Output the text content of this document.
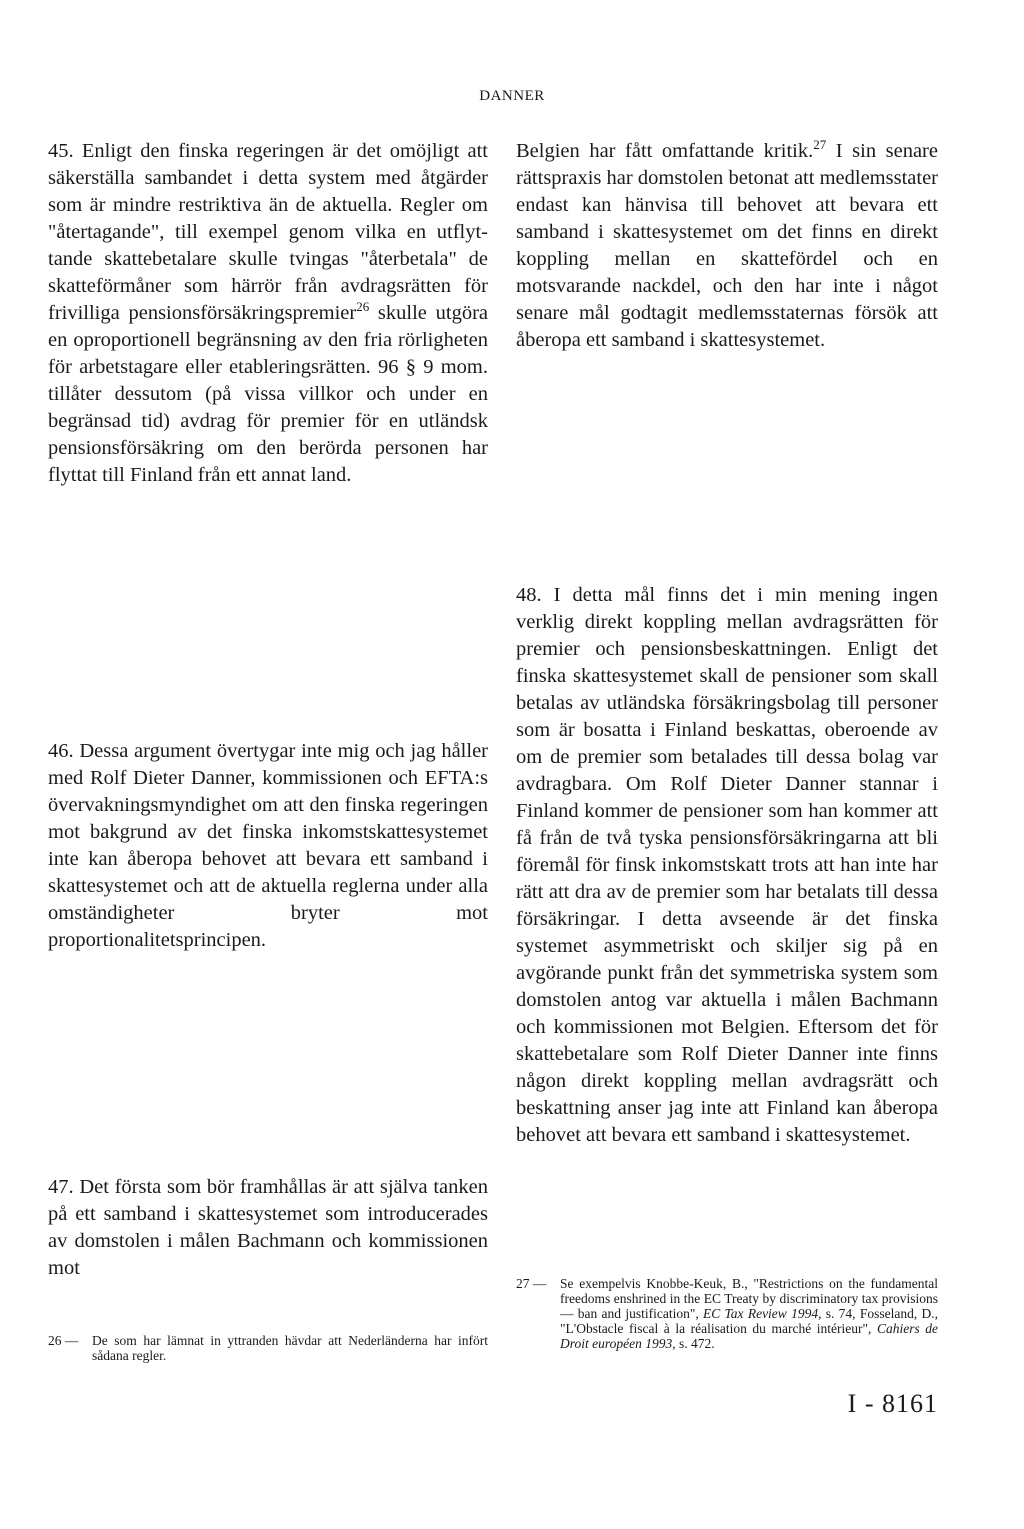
DANNER

45. Enligt den finska regeringen är det omöjligt att säkerställa sambandet i detta system med åtgärder som är mindre restriktiva än de aktuella. Regler om "återtagande", till exempel genom vilka en utflyttande skattebetalare skulle tvingas "återbetala" de skatteförmåner som härrör från avdragsrätten för frivilliga pensionsförsäkringspremier$^{26}$ skulle utgöra en oproportionell begränsning av den fria rörligheten för arbetstagare eller etableringsrätten. 96 § 9 mom. tillåter dessutom (på vissa villkor och under en begränsad tid) avdrag för premier för en utländsk pensionsförsäkring om den berörda personen har flyttat till Finland från ett annat land.

46. Dessa argument övertygar inte mig och jag håller med Rolf Dieter Danner, kommissionen och EFTA:s övervakningsmyndighet om att den finska regeringen mot bakgrund av det finska inkomstskattesystemet inte kan åberopa behovet att bevara ett samband i skattesystemet och att de aktuella reglerna under alla omständigheter bryter mot proportionalitetsprincipen.

47. Det första som bör framhållas är att själva tanken på ett samband i skattesystemet som introducerades av domstolen i målen Bachmann och kommissionen mot

Belgien har fått omfattande kritik.$^{27}$ I sin senare rättspraxis har domstolen betonat att medlemsstater endast kan hänvisa till behovet att bevara ett samband i skattesystemet om det finns en direkt koppling mellan en skattefördel och en motsvarande nackdel, och den har inte i något senare mål godtagit medlemsstaternas försök att åberopa ett samband i skattesystemet.

48. I detta mål finns det i min mening ingen verklig direkt koppling mellan avdragsrätten för premier och pensionsbeskattningen. Enligt det finska skattesystemet skall de pensioner som skall betalas av utländska försäkringsbolag till personer som är bosatta i Finland beskattas, oberoende av om de premier som betalades till dessa bolag var avdragbara. Om Rolf Dieter Danner stannar i Finland kommer de pensioner som han kommer att få från de två tyska pensionsförsäkringarna att bli föremål för finsk inkomstskatt trots att han inte har rätt att dra av de premier som har betalats till dessa försäkringar. I detta avseende är det finska systemet asymmetriskt och skiljer sig på en avgörande punkt från det symmetriska system som domstolen antog var aktuella i målen Bachmann och kommissionen mot Belgien. Eftersom det för skattebetalare som Rolf Dieter Danner inte finns någon direkt koppling mellan avdragsrätt och beskattning anser jag inte att Finland kan åberopa behovet att bevara ett samband i skattesystemet.

26 — De som har lämnat in yttranden hävdar att Nederländerna har infört sådana regler.
27 — Se exempelvis Knobbe-Keuk, B., "Restrictions on the fundamental freedoms enshrined in the EC Treaty by discriminatory tax provisions — ban and justification", EC Tax Review 1994, s. 74, Fosseland, D., "L'Obstacle fiscal à la réalisation du marché intérieur", Cahiers de Droit européen 1993, s. 472.
I - 8161
